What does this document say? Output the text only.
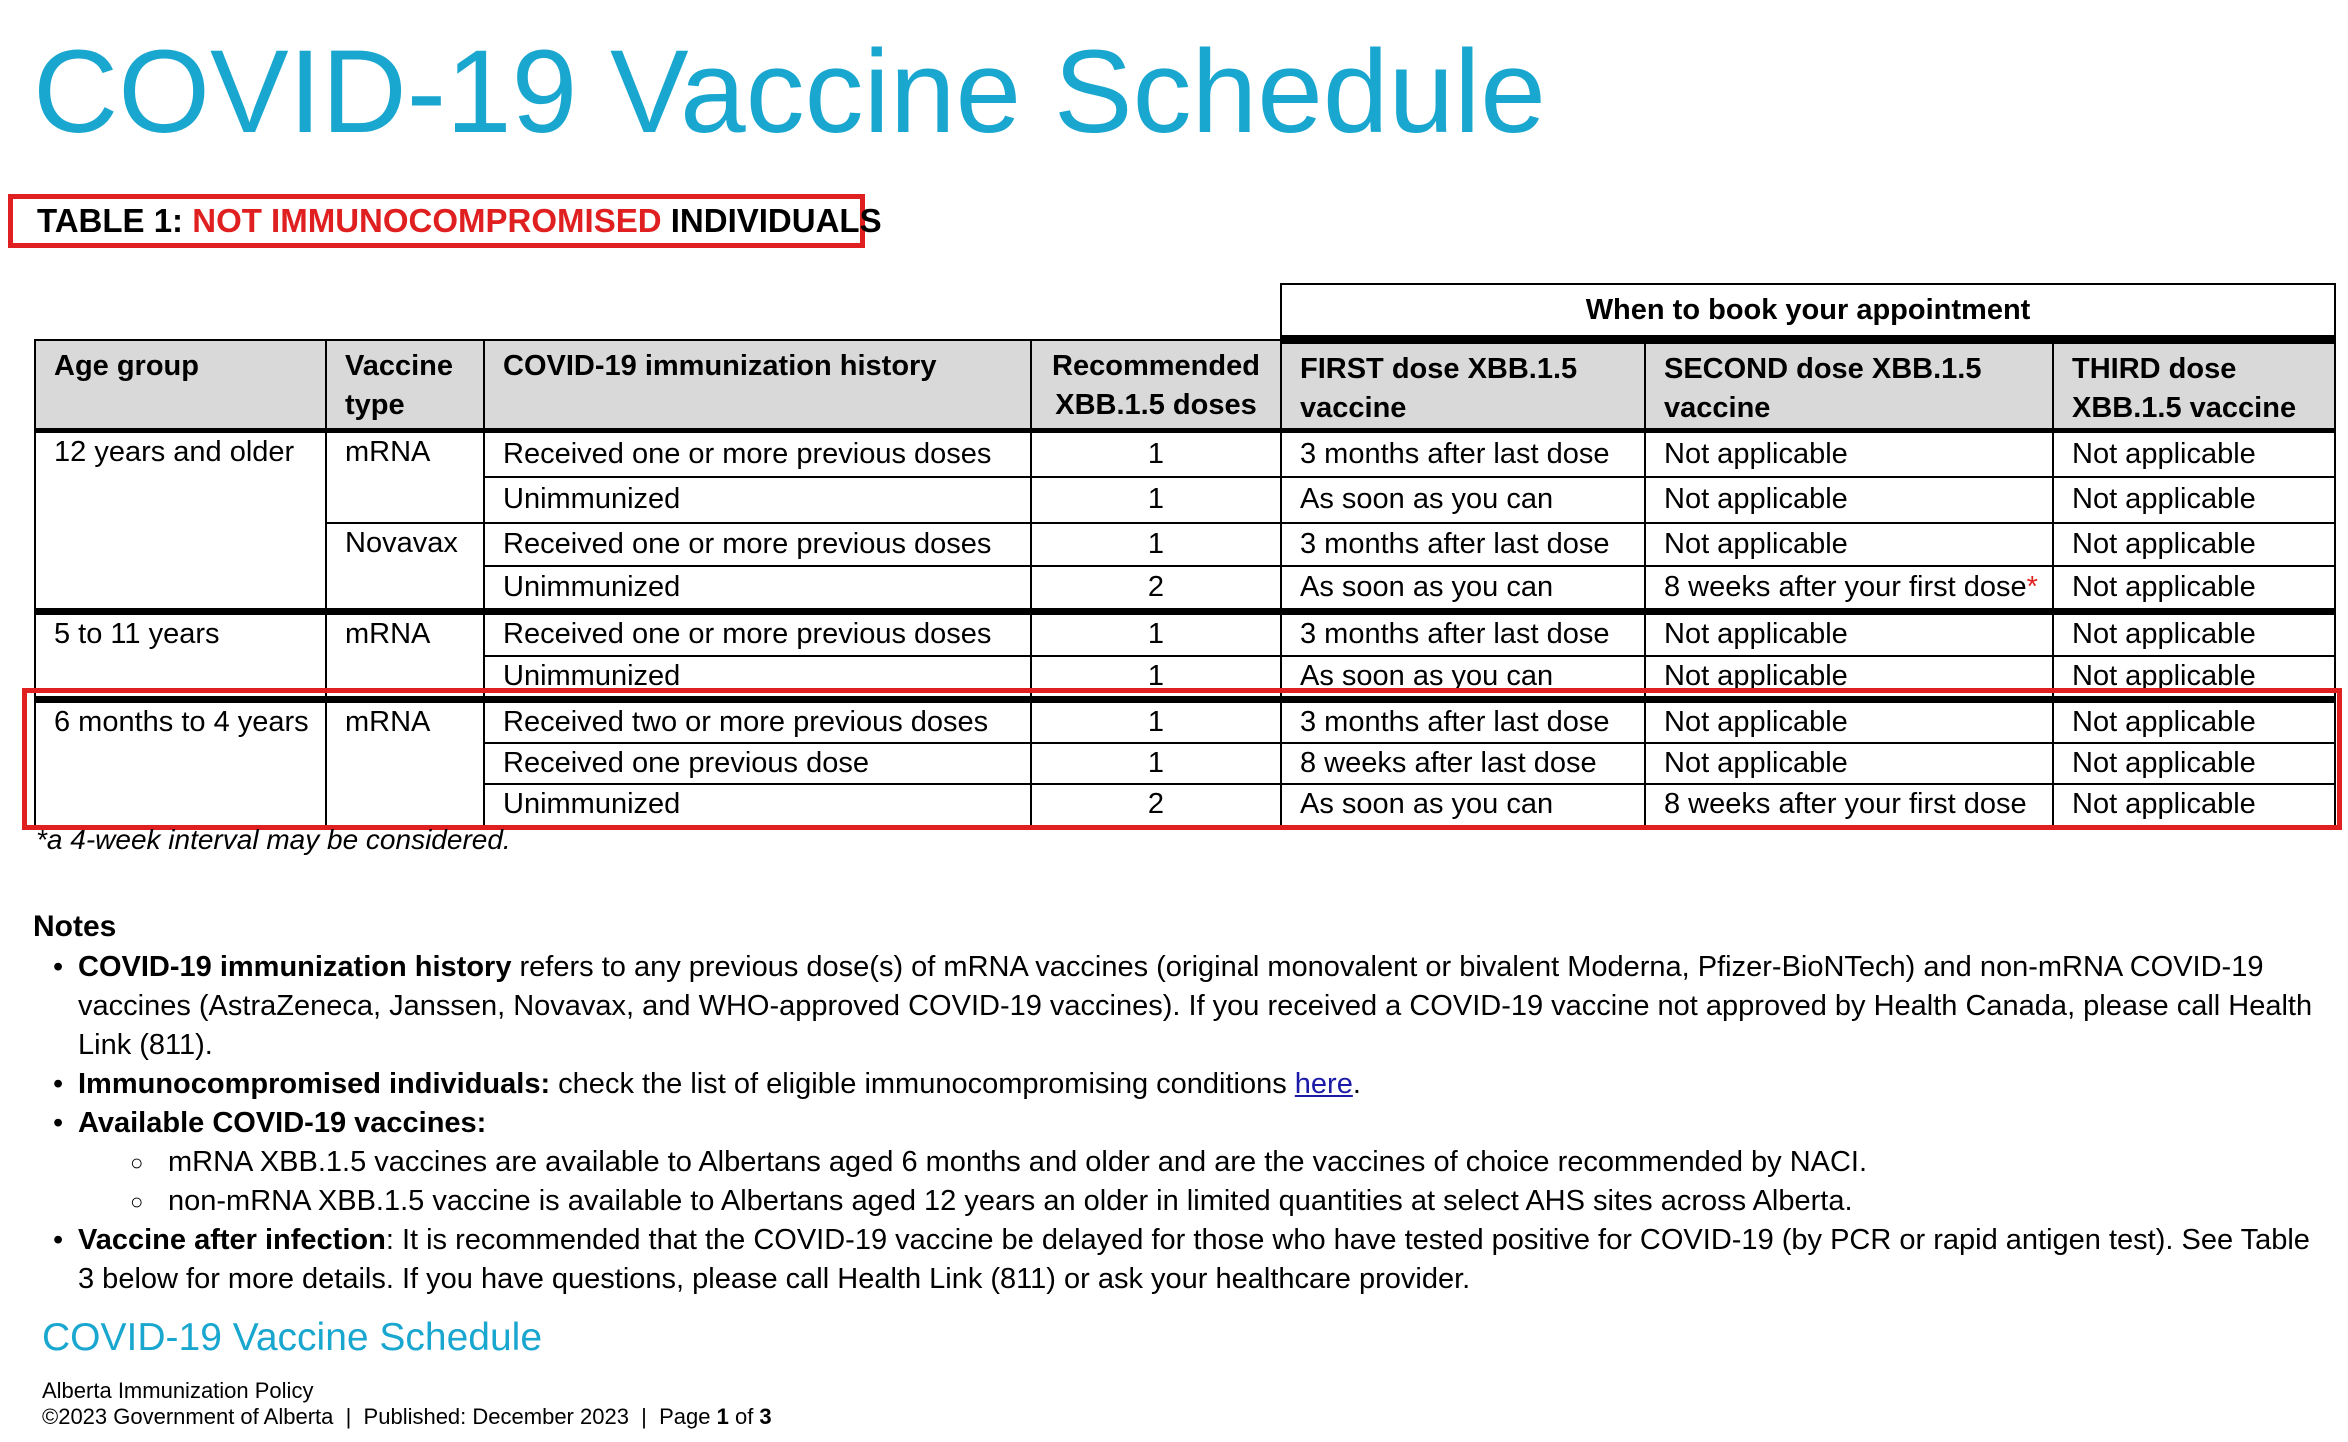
COVID-19 Vaccine Schedule
TABLE 1: NOT IMMUNOCOMPROMISED INDIVIDUALS
				When to book your appointment		
Age group	Vaccine type	COVID-19 immunization history	Recommended XBB.1.5 doses	FIRST dose XBB.1.5 vaccine	SECOND dose XBB.1.5 vaccine	THIRD dose XBB.1.5 vaccine
12 years and older	mRNA	Received one or more previous doses	1	3 months after last dose	Not applicable	Not applicable
		Unimmunized	1	As soon as you can	Not applicable	Not applicable
	Novavax	Received one or more previous doses	1	3 months after last dose	Not applicable	Not applicable
		Unimmunized	2	As soon as you can	8 weeks after your first dose*	Not applicable
5 to 11 years	mRNA	Received one or more previous doses	1	3 months after last dose	Not applicable	Not applicable
		Unimmunized	1	As soon as you can	Not applicable	Not applicable
6 months to 4 years	mRNA	Received two or more previous doses	1	3 months after last dose	Not applicable	Not applicable
		Received one previous dose	1	8 weeks after last dose	Not applicable	Not applicable
		Unimmunized	2	As soon as you can	8 weeks after your first dose	Not applicable
*a 4-week interval may be considered.
Notes
• COVID-19 immunization history refers to any previous dose(s) of mRNA vaccines (original monovalent or bivalent Moderna, Pfizer-BioNTech) and non-mRNA COVID-19 vaccines (AstraZeneca, Janssen, Novavax, and WHO-approved COVID-19 vaccines). If you received a COVID-19 vaccine not approved by Health Canada, please call Health Link (811).
• Immunocompromised individuals: check the list of eligible immunocompromising conditions here.
• Available COVID-19 vaccines:
○ mRNA XBB.1.5 vaccines are available to Albertans aged 6 months and older and are the vaccines of choice recommended by NACI.
○ non-mRNA XBB.1.5 vaccine is available to Albertans aged 12 years an older in limited quantities at select AHS sites across Alberta.
• Vaccine after infection: It is recommended that the COVID-19 vaccine be delayed for those who have tested positive for COVID-19 (by PCR or rapid antigen test). See Table 3 below for more details. If you have questions, please call Health Link (811) or ask your healthcare provider.
COVID-19 Vaccine Schedule
Alberta Immunization Policy
©2023 Government of Alberta  |  Published: December 2023  |  Page 1 of 3
